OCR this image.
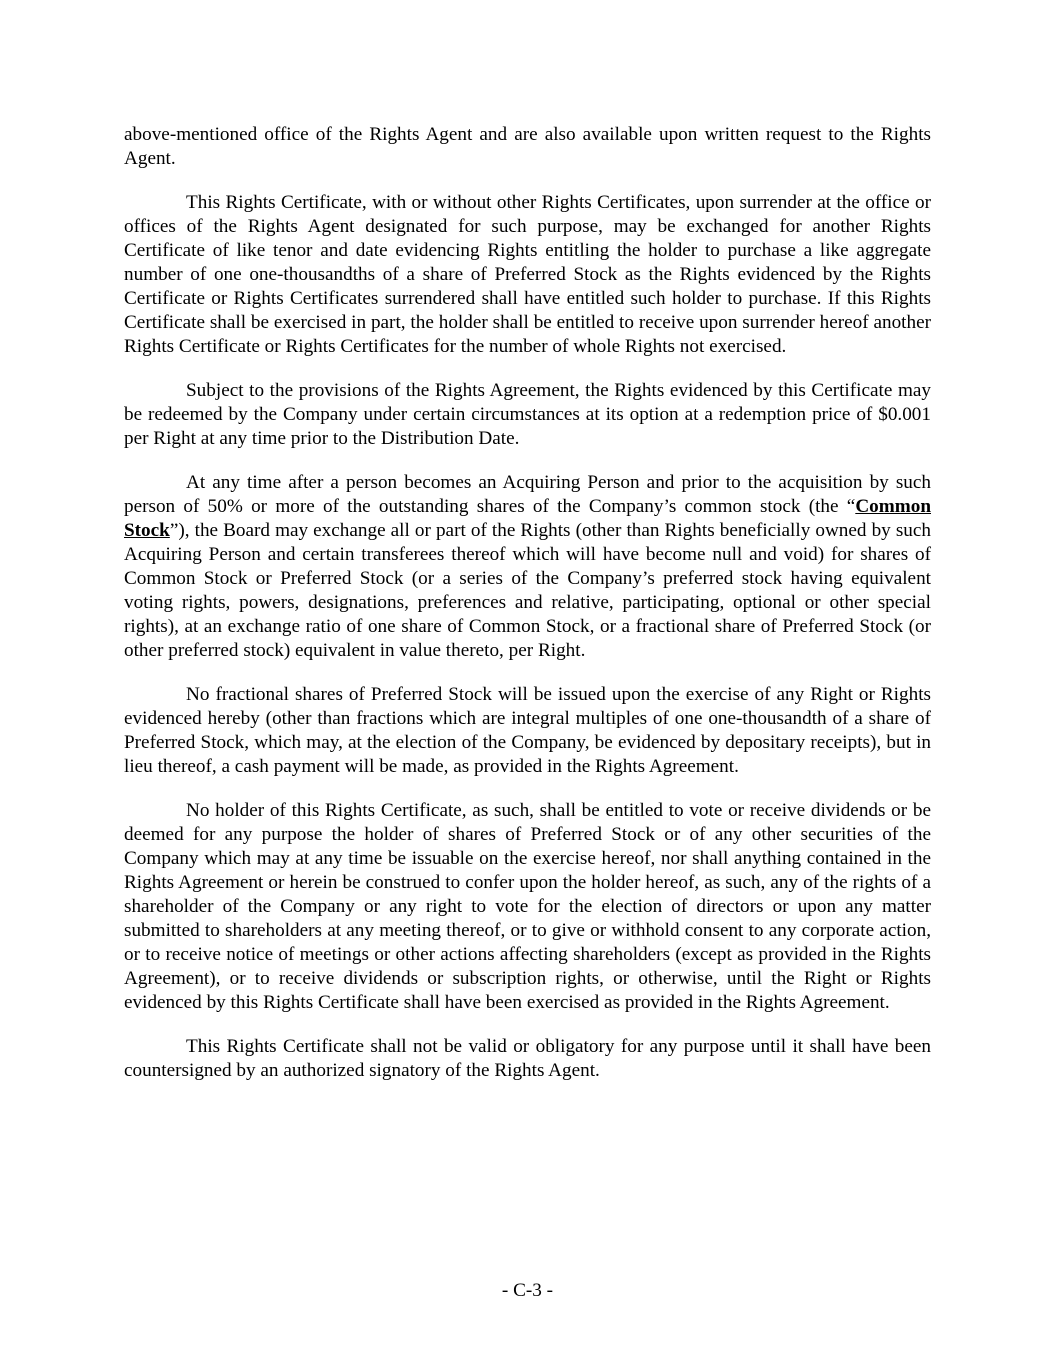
above-mentioned office of the Rights Agent and are also available upon written request to the Rights Agent.

This Rights Certificate, with or without other Rights Certificates, upon surrender at the office or offices of the Rights Agent designated for such purpose, may be exchanged for another Rights Certificate of like tenor and date evidencing Rights entitling the holder to purchase a like aggregate number of one one-thousandths of a share of Preferred Stock as the Rights evidenced by the Rights Certificate or Rights Certificates surrendered shall have entitled such holder to purchase. If this Rights Certificate shall be exercised in part, the holder shall be entitled to receive upon surrender hereof another Rights Certificate or Rights Certificates for the number of whole Rights not exercised.

Subject to the provisions of the Rights Agreement, the Rights evidenced by this Certificate may be redeemed by the Company under certain circumstances at its option at a redemption price of $0.001 per Right at any time prior to the Distribution Date.

At any time after a person becomes an Acquiring Person and prior to the acquisition by such person of 50% or more of the outstanding shares of the Company’s common stock (the “Common Stock”), the Board may exchange all or part of the Rights (other than Rights beneficially owned by such Acquiring Person and certain transferees thereof which will have become null and void) for shares of Common Stock or Preferred Stock (or a series of the Company’s preferred stock having equivalent voting rights, powers, designations, preferences and relative, participating, optional or other special rights), at an exchange ratio of one share of Common Stock, or a fractional share of Preferred Stock (or other preferred stock) equivalent in value thereto, per Right.

No fractional shares of Preferred Stock will be issued upon the exercise of any Right or Rights evidenced hereby (other than fractions which are integral multiples of one one-thousandth of a share of Preferred Stock, which may, at the election of the Company, be evidenced by depositary receipts), but in lieu thereof, a cash payment will be made, as provided in the Rights Agreement.

No holder of this Rights Certificate, as such, shall be entitled to vote or receive dividends or be deemed for any purpose the holder of shares of Preferred Stock or of any other securities of the Company which may at any time be issuable on the exercise hereof, nor shall anything contained in the Rights Agreement or herein be construed to confer upon the holder hereof, as such, any of the rights of a shareholder of the Company or any right to vote for the election of directors or upon any matter submitted to shareholders at any meeting thereof, or to give or withhold consent to any corporate action, or to receive notice of meetings or other actions affecting shareholders (except as provided in the Rights Agreement), or to receive dividends or subscription rights, or otherwise, until the Right or Rights evidenced by this Rights Certificate shall have been exercised as provided in the Rights Agreement.

This Rights Certificate shall not be valid or obligatory for any purpose until it shall have been countersigned by an authorized signatory of the Rights Agent.

- C-3 -
